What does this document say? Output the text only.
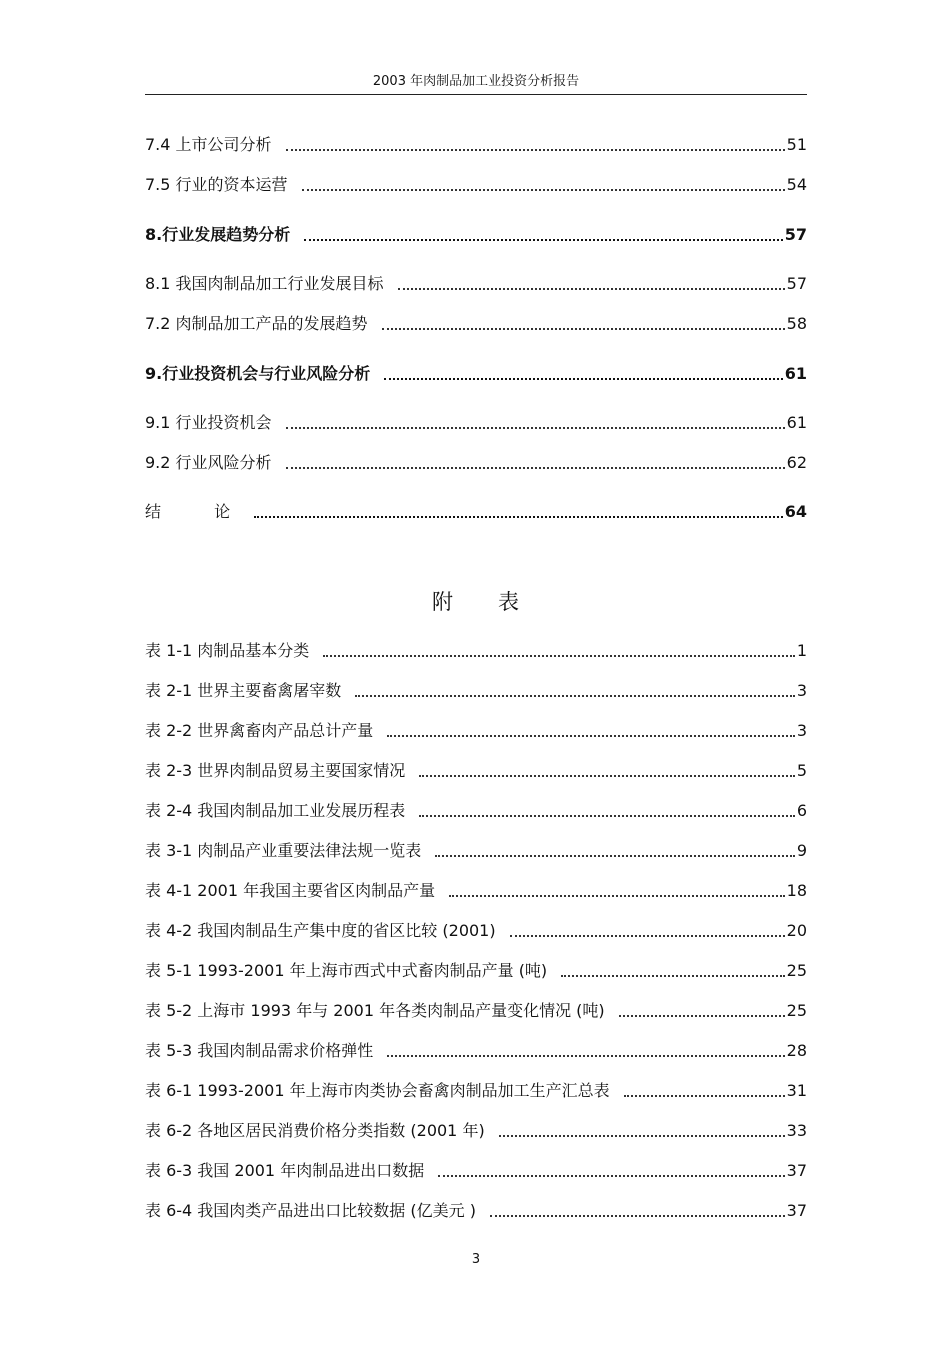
2003 年肉制品加工业投资分析报告
7.4 上市公司分析	51
7.5 行业的资本运营	54
8.行业发展趋势分析	57
8.1 我国肉制品加工行业发展目标	57
7.2 肉制品加工产品的发展趋势	58
9.行业投资机会与行业风险分析	61
9.1 行业投资机会	61
9.2 行业风险分析	62
结 论	64
附 表
表 1-1 肉制品基本分类	1
表 2-1 世界主要畜禽屠宰数	3
表 2-2 世界禽畜肉产品总计产量	3
表 2-3 世界肉制品贸易主要国家情况	5
表 2-4 我国肉制品加工业发展历程表	6
表 3-1 肉制品产业重要法律法规一览表	9
表 4-1 2001 年我国主要省区肉制品产量	18
表 4-2 我国肉制品生产集中度的省区比较 (2001)	20
表 5-1 1993-2001 年上海市西式中式畜肉制品产量 (吨)	25
表 5-2 上海市 1993 年与 2001 年各类肉制品产量变化情况 (吨)	25
表 5-3 我国肉制品需求价格弹性	28
表 6-1 1993-2001 年上海市肉类协会畜禽肉制品加工生产汇总表	31
表 6-2 各地区居民消费价格分类指数 (2001 年)	33
表 6-3 我国 2001 年肉制品进出口数据	37
表 6-4 我国肉类产品进出口比较数据 (亿美元 )	37
3
